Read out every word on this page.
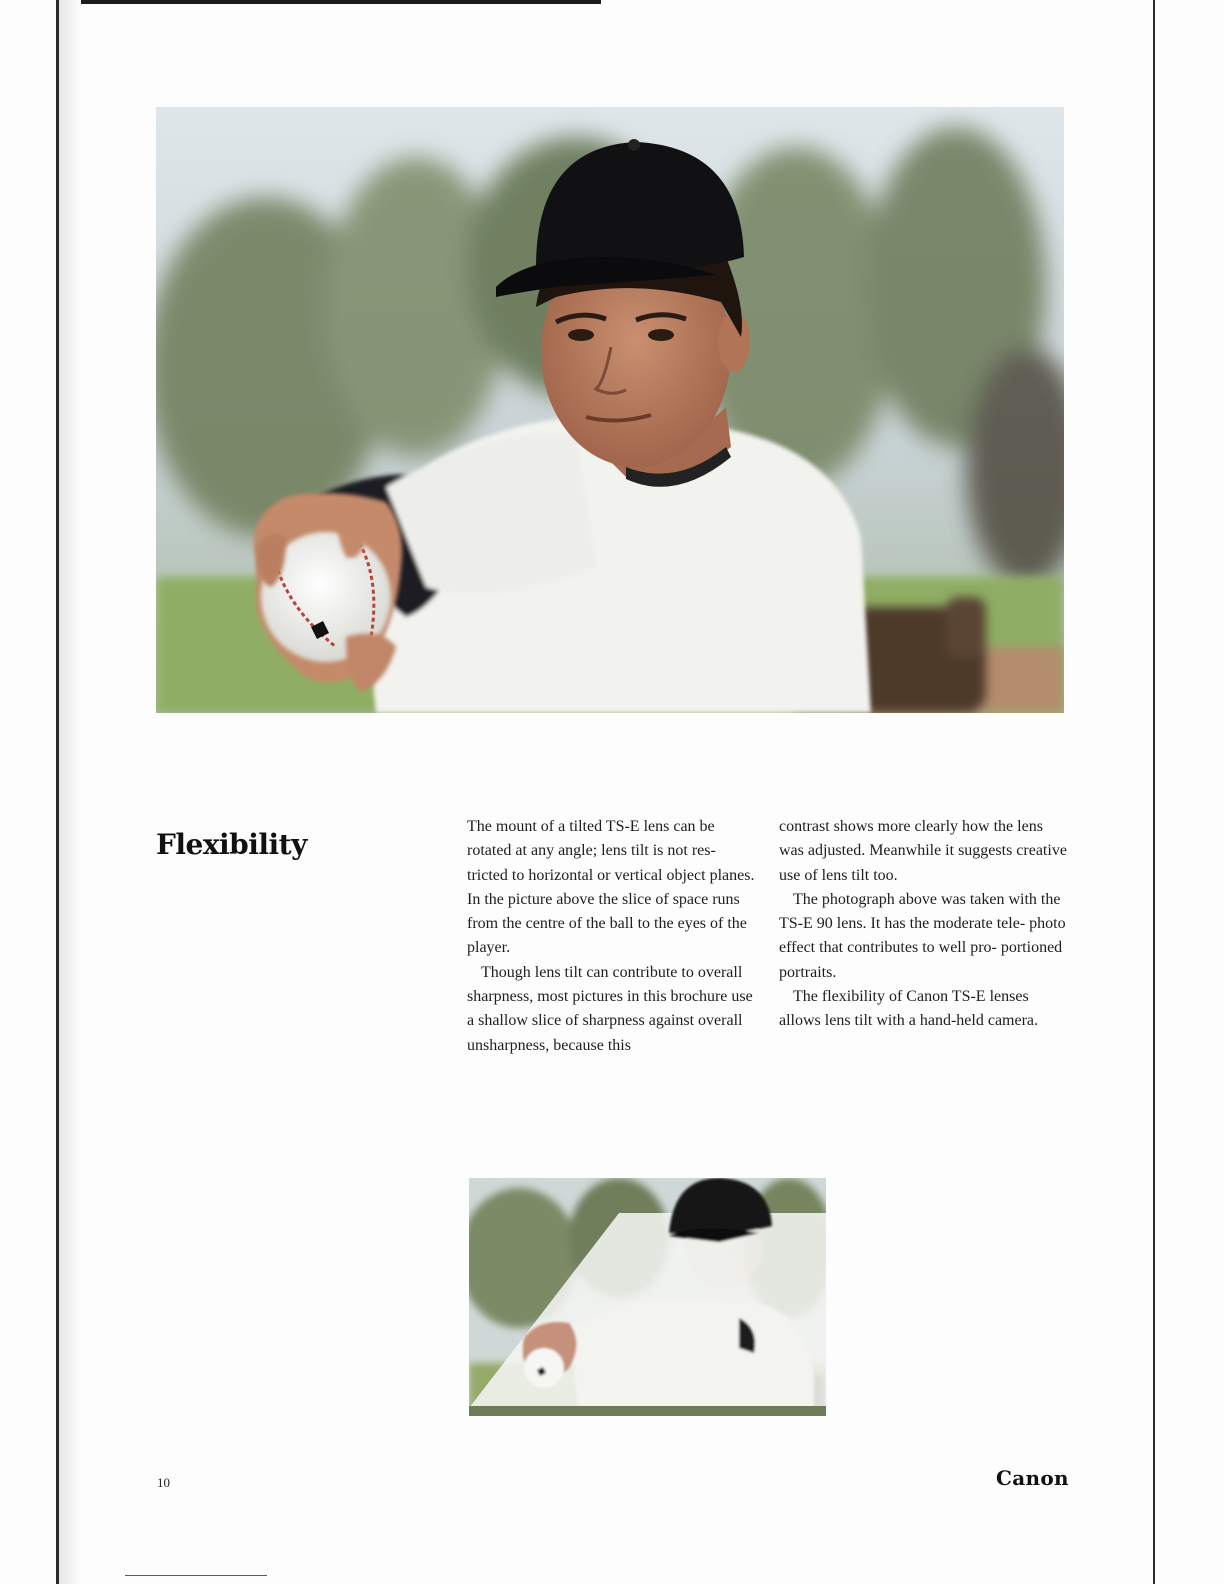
Flexibility

The mount of a tilted TS-E lens can be rotated at any angle; lens tilt is not res- tricted to horizontal or vertical object planes. In the picture above the slice of space runs from the centre of the ball to the eyes of the player.

Though lens tilt can contribute to overall sharpness, most pictures in this brochure use a shallow slice of sharpness against overall unsharpness, because this

contrast shows more clearly how the lens was adjusted. Meanwhile it suggests creative use of lens tilt too.

The photograph above was taken with the TS-E 90 lens. It has the moderate tele- photo effect that contributes to well pro- portioned portraits.

The flexibility of Canon TS-E lenses allows lens tilt with a hand-held camera.

10	Canon
